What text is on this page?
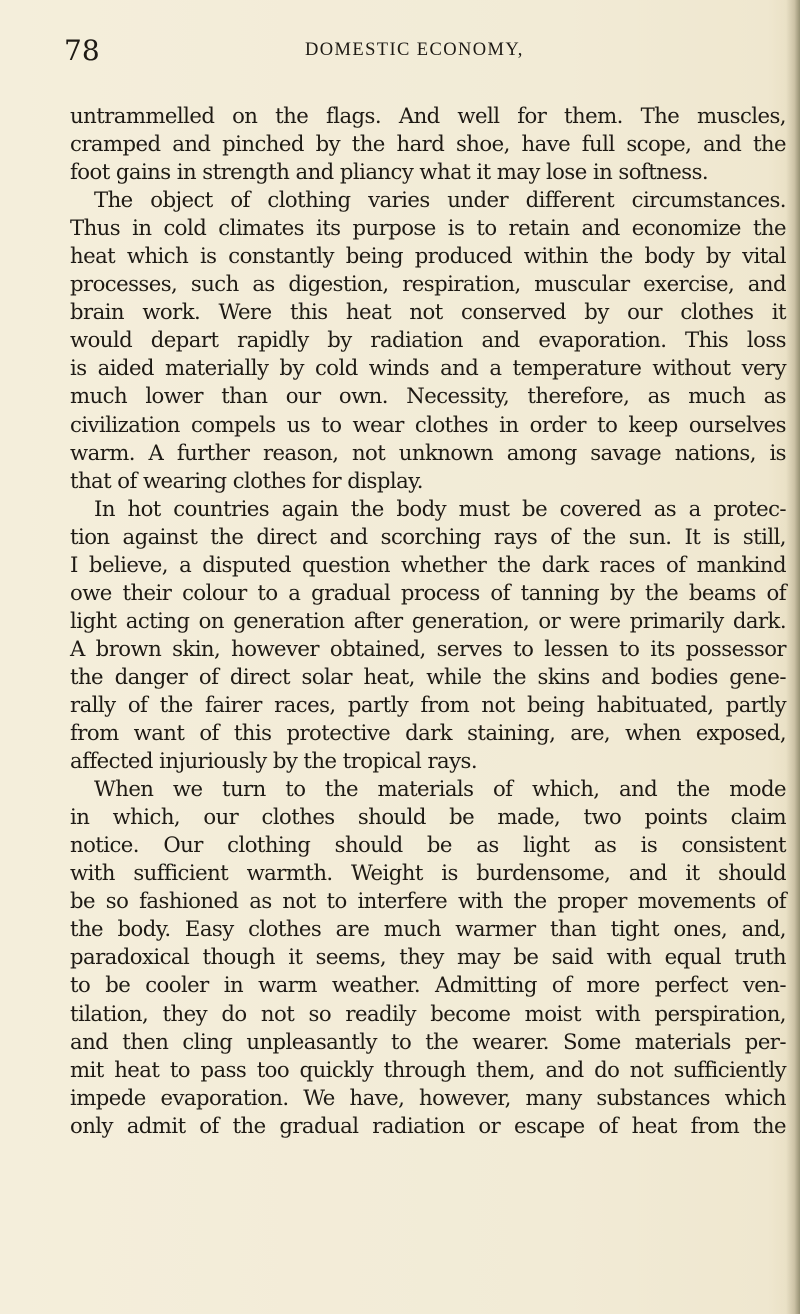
78	DOMESTIC ECONOMY,
untrammelled on the flags. And well for them. The muscles,
cramped and pinched by the hard shoe, have full scope, and the
foot gains in strength and pliancy what it may lose in softness.
The object of clothing varies under different circumstances.
Thus in cold climates its purpose is to retain and economize the
heat which is constantly being produced within the body by vital
processes, such as digestion, respiration, muscular exercise, and
brain work. Were this heat not conserved by our clothes it
would depart rapidly by radiation and evaporation. This loss
is aided materially by cold winds and a temperature without very
much lower than our own. Necessity, therefore, as much as
civilization compels us to wear clothes in order to keep ourselves
warm. A further reason, not unknown among savage nations, is
that of wearing clothes for display.
In hot countries again the body must be covered as a protec-
tion against the direct and scorching rays of the sun. It is still,
I believe, a disputed question whether the dark races of mankind
owe their colour to a gradual process of tanning by the beams of
light acting on generation after generation, or were primarily dark.
A brown skin, however obtained, serves to lessen to its possessor
the danger of direct solar heat, while the skins and bodies gene-
rally of the fairer races, partly from not being habituated, partly
from want of this protective dark staining, are, when exposed,
affected injuriously by the tropical rays.
When we turn to the materials of which, and the mode
in which, our clothes should be made, two points claim
notice. Our clothing should be as light as is consistent
with sufficient warmth. Weight is burdensome, and it should
be so fashioned as not to interfere with the proper movements of
the body. Easy clothes are much warmer than tight ones, and,
paradoxical though it seems, they may be said with equal truth
to be cooler in warm weather. Admitting of more perfect ven-
tilation, they do not so readily become moist with perspiration,
and then cling unpleasantly to the wearer. Some materials per-
mit heat to pass too quickly through them, and do not sufficiently
impede evaporation. We have, however, many substances which
only admit of the gradual radiation or escape of heat from the
